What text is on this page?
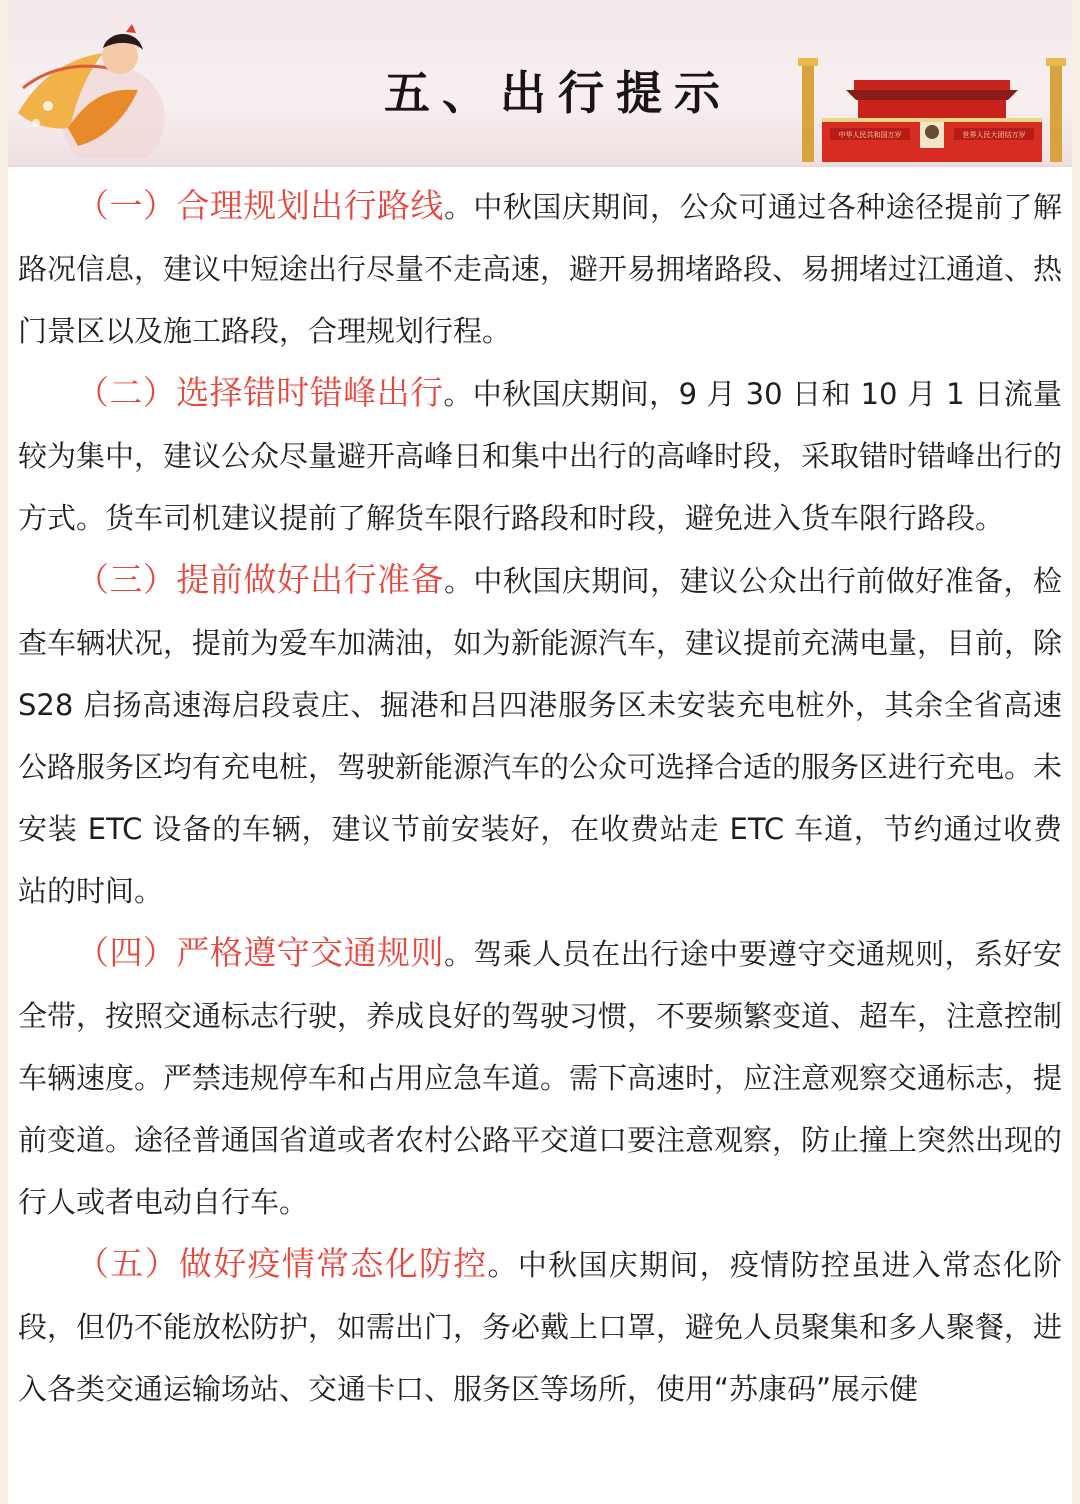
五、出行提示
中华人民共和国万岁	世界人民大团结万岁

（一）合理规划出行路线。中秋国庆期间，公众可通过各种途径提前了解路况信息，建议中短途出行尽量不走高速，避开易拥堵路段、易拥堵过江通道、热门景区以及施工路段，合理规划行程。

（二）选择错时错峰出行。中秋国庆期间，9 月 30 日和 10 月 1 日流量较为集中，建议公众尽量避开高峰日和集中出行的高峰时段，采取错时错峰出行的方式。货车司机建议提前了解货车限行路段和时段，避免进入货车限行路段。

（三）提前做好出行准备。中秋国庆期间，建议公众出行前做好准备，检查车辆状况，提前为爱车加满油，如为新能源汽车，建议提前充满电量，目前，除 S28 启扬高速海启段袁庄、掘港和吕四港服务区未安装充电桩外，其余全省高速公路服务区均有充电桩，驾驶新能源汽车的公众可选择合适的服务区进行充电。未安装 ETC 设备的车辆，建议节前安装好，在收费站走 ETC 车道，节约通过收费站的时间。

（四）严格遵守交通规则。驾乘人员在出行途中要遵守交通规则，系好安全带，按照交通标志行驶，养成良好的驾驶习惯，不要频繁变道、超车，注意控制车辆速度。严禁违规停车和占用应急车道。需下高速时，应注意观察交通标志，提前变道。途径普通国省道或者农村公路平交道口要注意观察，防止撞上突然出现的行人或者电动自行车。

（五）做好疫情常态化防控。中秋国庆期间，疫情防控虽进入常态化阶段，但仍不能放松防护，如需出门，务必戴上口罩，避免人员聚集和多人聚餐，进入各类交通运输场站、交通卡口、服务区等场所，使用“苏康码”展示健
